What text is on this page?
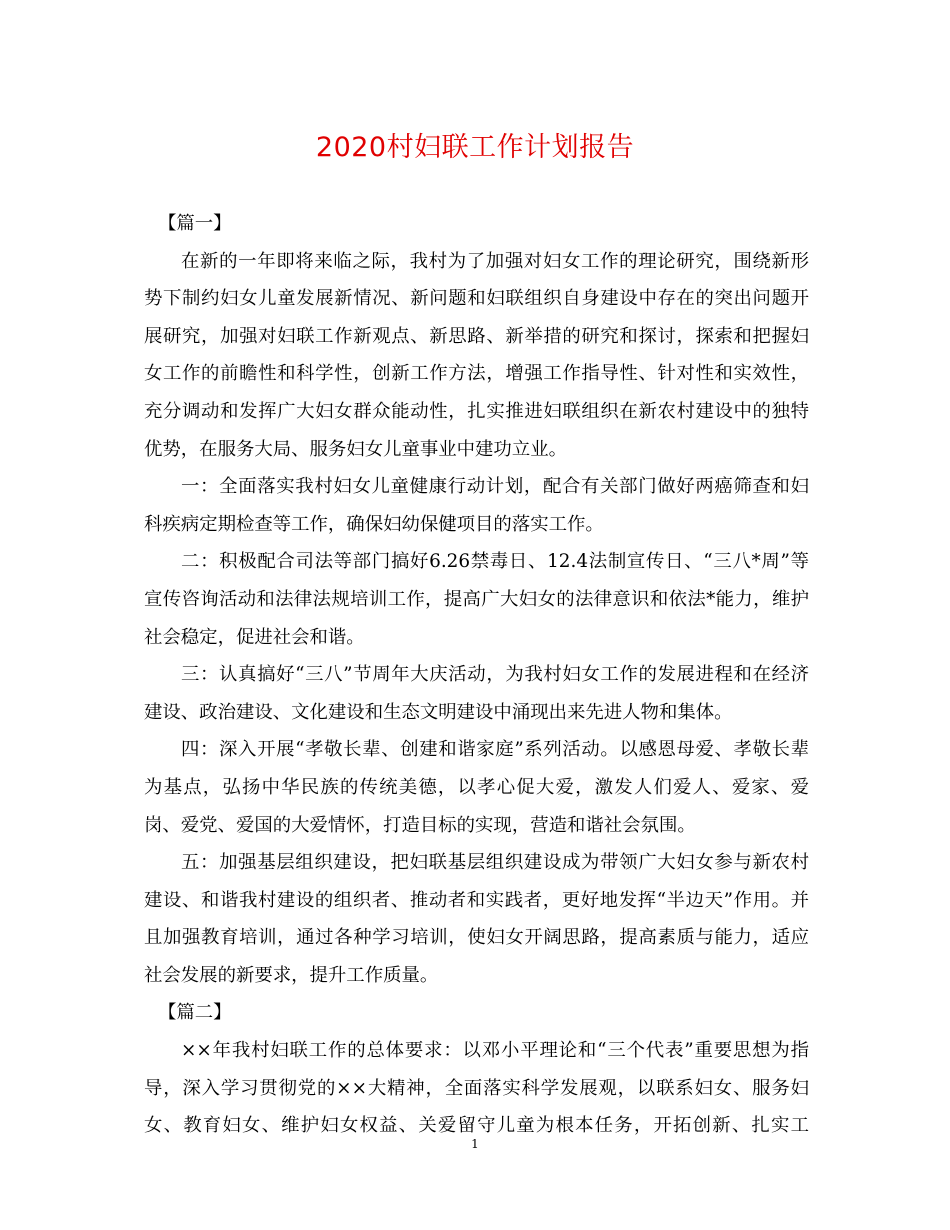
2020村妇联工作计划报告
【篇一】
在新的一年即将来临之际，我村为了加强对妇女工作的理论研究，围绕新形
势下制约妇女儿童发展新情况、新问题和妇联组织自身建设中存在的突出问题开
展研究，加强对妇联工作新观点、新思路、新举措的研究和探讨，探索和把握妇
女工作的前瞻性和科学性，创新工作方法，增强工作指导性、针对性和实效性，
充分调动和发挥广大妇女群众能动性，扎实推进妇联组织在新农村建设中的独特
优势，在服务大局、服务妇女儿童事业中建功立业。
一：全面落实我村妇女儿童健康行动计划，配合有关部门做好两癌筛查和妇
科疾病定期检查等工作，确保妇幼保健项目的落实工作。
二：积极配合司法等部门搞好6.26禁毒日、12.4法制宣传日、“三八*周”等
宣传咨询活动和法律法规培训工作，提高广大妇女的法律意识和依法*能力，维护
社会稳定，促进社会和谐。
三：认真搞好“三八”节周年大庆活动，为我村妇女工作的发展进程和在经济
建设、政治建设、文化建设和生态文明建设中涌现出来先进人物和集体。
四：深入开展“孝敬长辈、创建和谐家庭”系列活动。以感恩母爱、孝敬长辈
为基点，弘扬中华民族的传统美德，以孝心促大爱，激发人们爱人、爱家、爱
岗、爱党、爱国的大爱情怀，打造目标的实现，营造和谐社会氛围。
五：加强基层组织建设，把妇联基层组织建设成为带领广大妇女参与新农村
建设、和谐我村建设的组织者、推动者和实践者，更好地发挥“半边天”作用。并
且加强教育培训，通过各种学习培训，使妇女开阔思路，提高素质与能力，适应
社会发展的新要求，提升工作质量。
【篇二】
××年我村妇联工作的总体要求：以邓小平理论和“三个代表”重要思想为指
导，深入学习贯彻党的××大精神，全面落实科学发展观，以联系妇女、服务妇
女、教育妇女、维护妇女权益、关爱留守儿童为根本任务，开拓创新、扎实工
1
